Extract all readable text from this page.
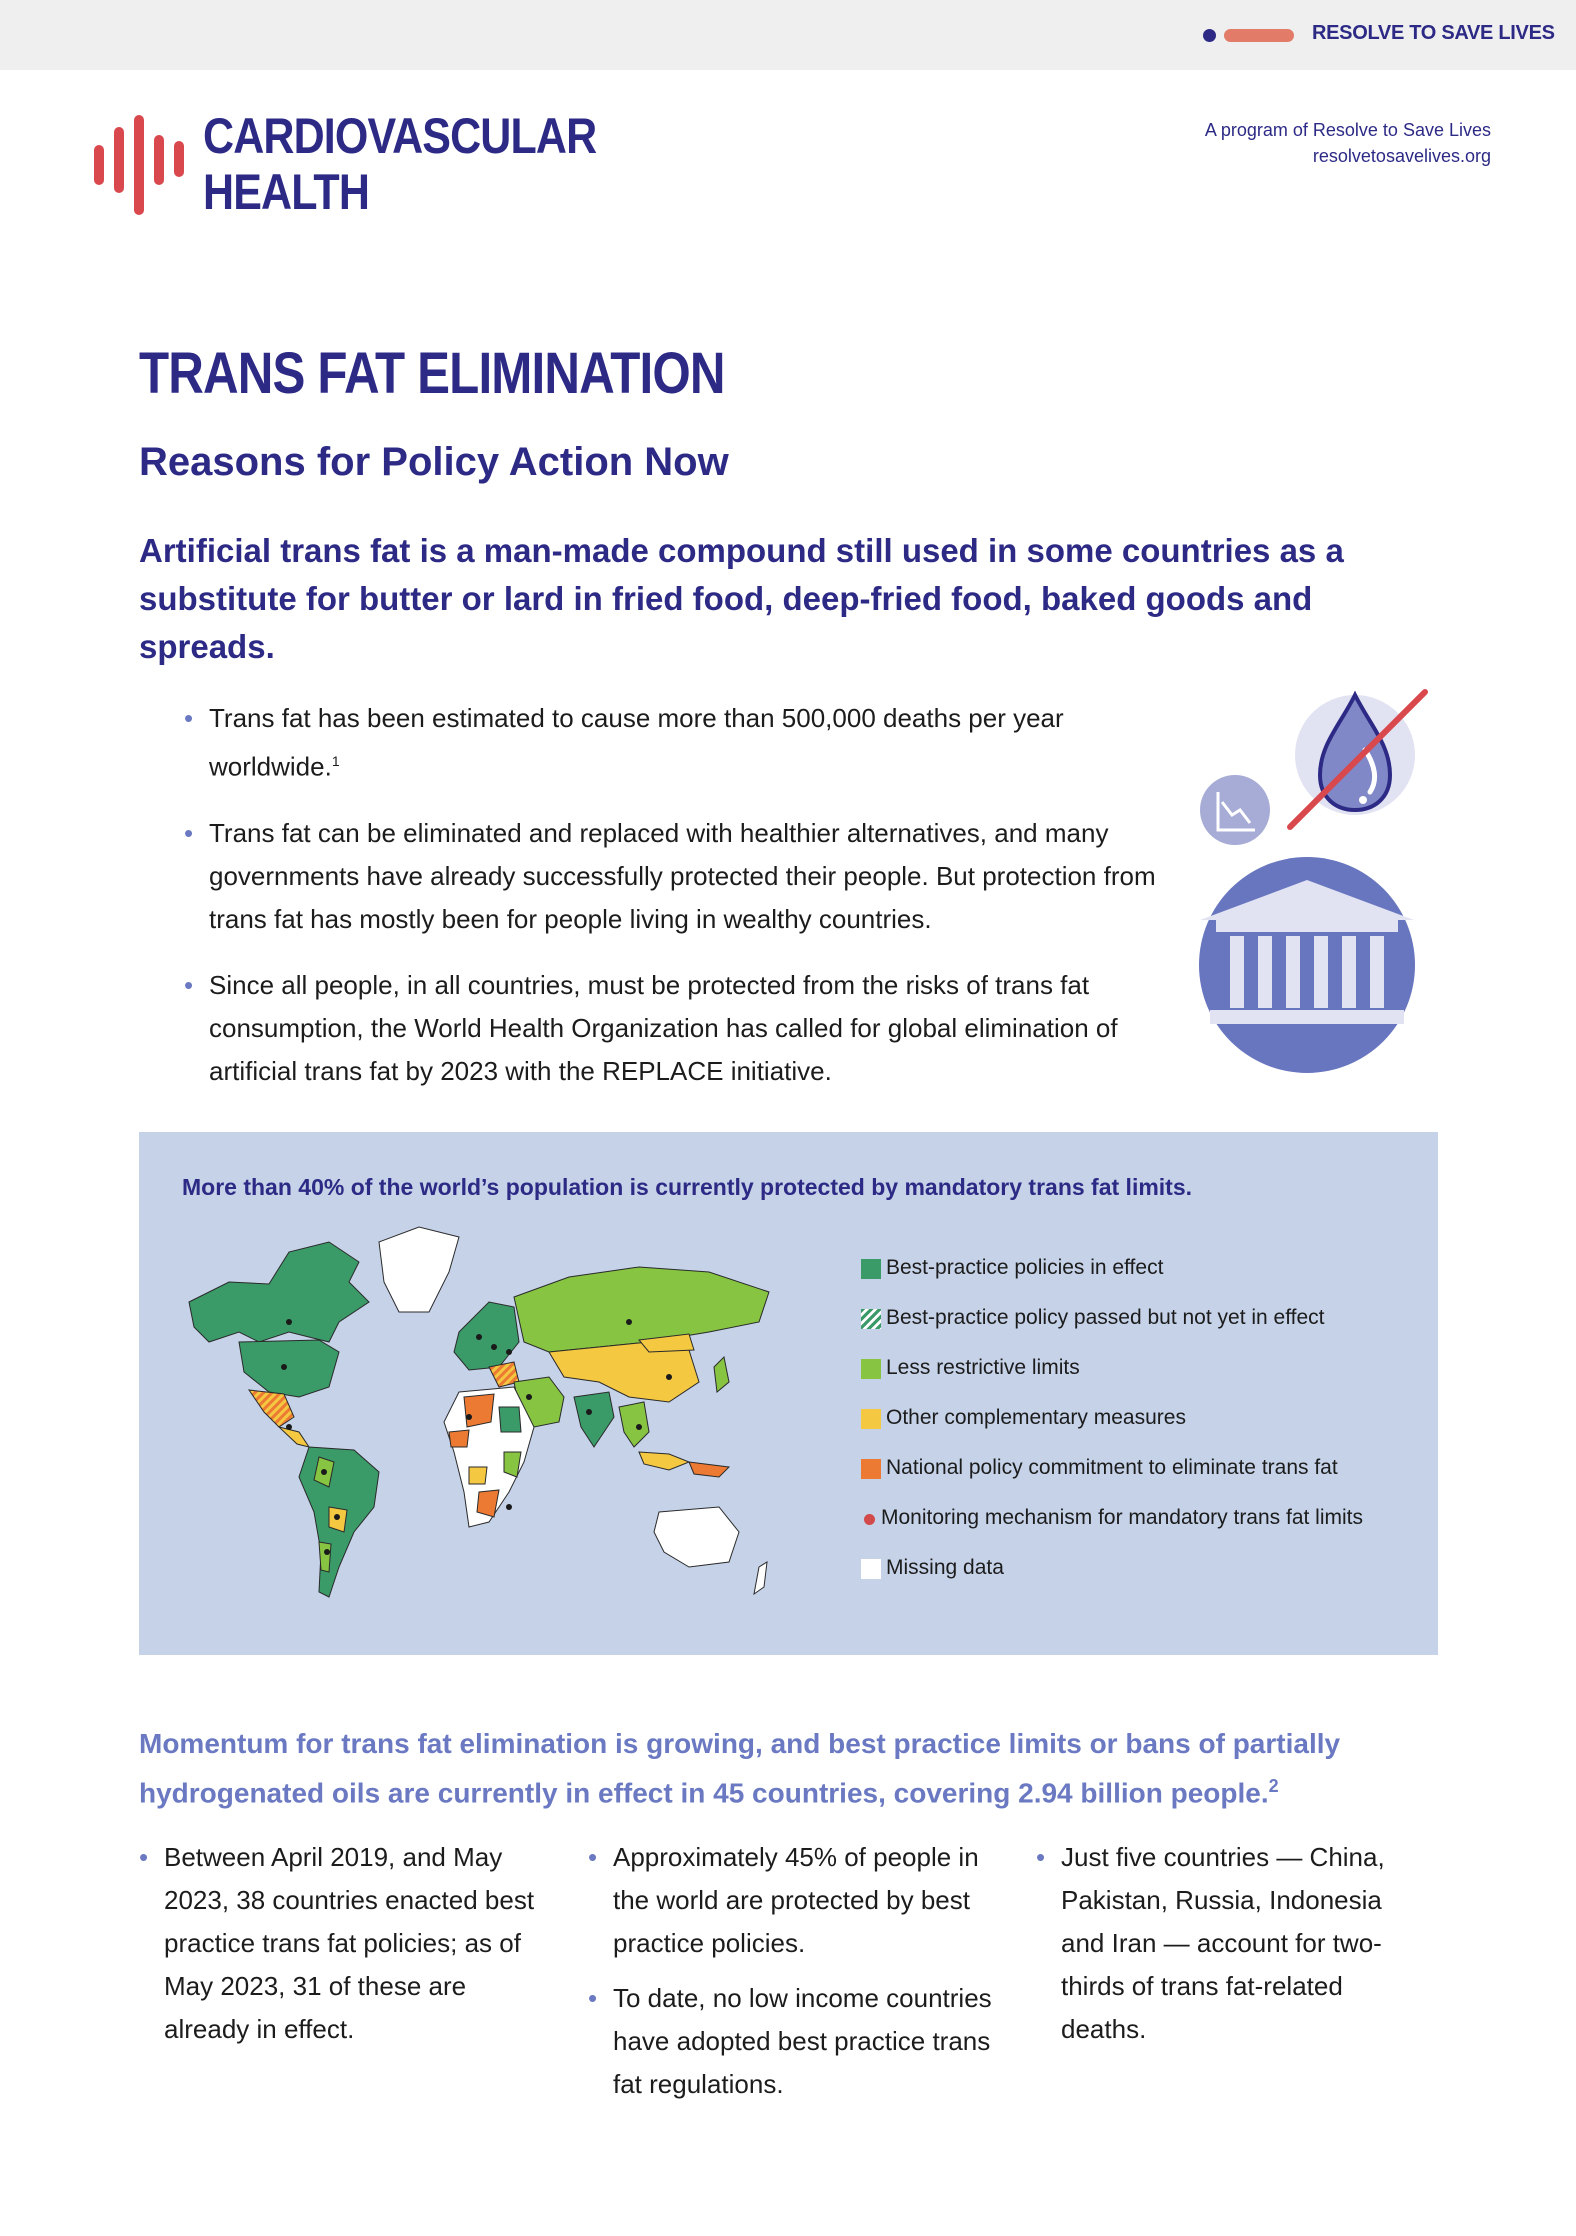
RESOLVE TO SAVE LIVES
CARDIOVASCULAR
HEALTH
A program of Resolve to Save Lives
resolvetosavelives.org
TRANS FAT ELIMINATION
Reasons for Policy Action Now

Artificial trans fat is a man-made compound still used in some countries as a substitute for butter or lard in fried food, deep-fried food, baked goods and spreads.

• Trans fat has been estimated to cause more than 500,000 deaths per year worldwide.$^1$
• Trans fat can be eliminated and replaced with healthier alternatives, and many governments have already successfully protected their people. But protection from trans fat has mostly been for people living in wealthy countries.
• Since all people, in all countries, must be protected from the risks of trans fat consumption, the World Health Organization has called for global elimination of artificial trans fat by 2023 with the REPLACE initiative.
More than 40% of the world’s population is currently protected by mandatory trans fat limits.
Best-practice policies in effect
Best-practice policy passed but not yet in effect
Less restrictive limits
Other complementary measures
National policy commitment to eliminate trans fat
Monitoring mechanism for mandatory trans fat limits
Missing data

Momentum for trans fat elimination is growing, and best practice limits or bans of partially hydrogenated oils are currently in effect in 45 countries, covering 2.94 billion people.$^2$

• Between April 2019, and May 2023, 38 countries enacted best practice trans fat policies; as of May 2023, 31 of these are already in effect.
• Approximately 45% of people in the world are protected by best practice policies.
• To date, no low income countries have adopted best practice trans fat regulations.
• Just five countries — China, Pakistan, Russia, Indonesia and Iran — account for two-thirds of trans fat-related deaths.
